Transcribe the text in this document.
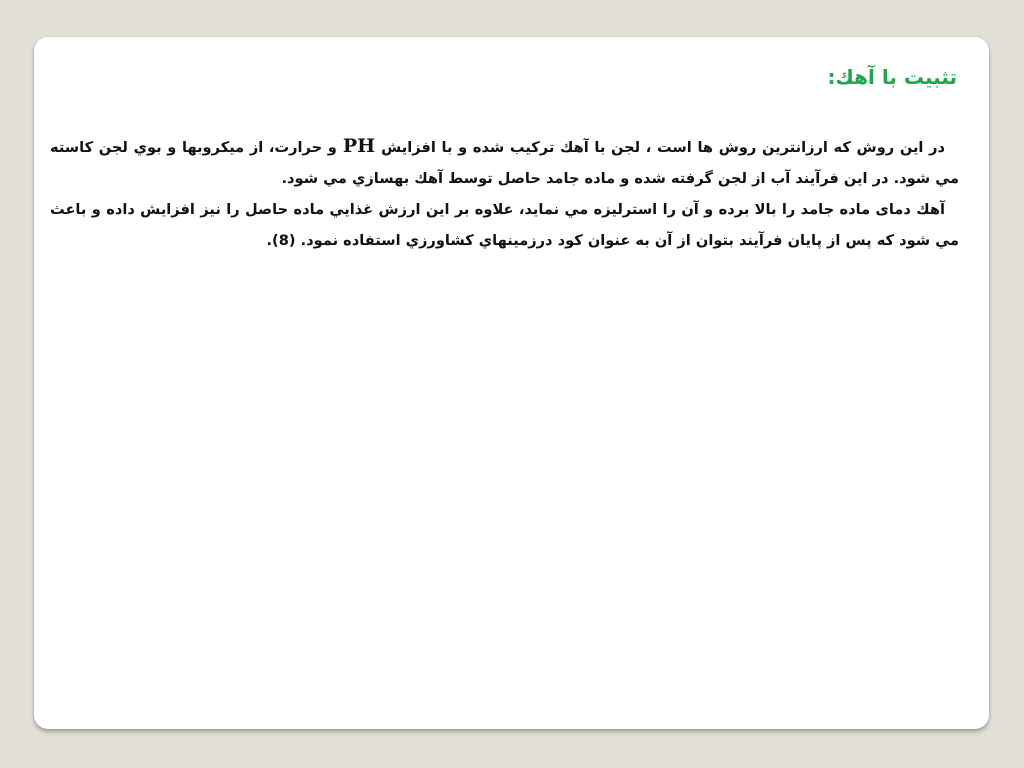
تثبيت با آهك:

در اين روش كه ارزانترين روش ها است ، لجن با آهك تركيب شده و با افزايشPHو حرارت، از ميكروبها و بوي لجن كاسته مي شود. در اين فرآيند آب از لجن گرفته شده و ماده جامد حاصل توسط آهك بهسازي مي شود.

آهك دمای ماده جامد را بالا برده و آن را استرليزه مي نمايد، علاوه بر اين ارزش غذايي ماده حاصل را نيز افزايش داده و باعث مي شود كه پس از پايان فرآيند بتوان از آن به عنوان كود درزمينهاي كشاورزي استفاده نمود. (8).
